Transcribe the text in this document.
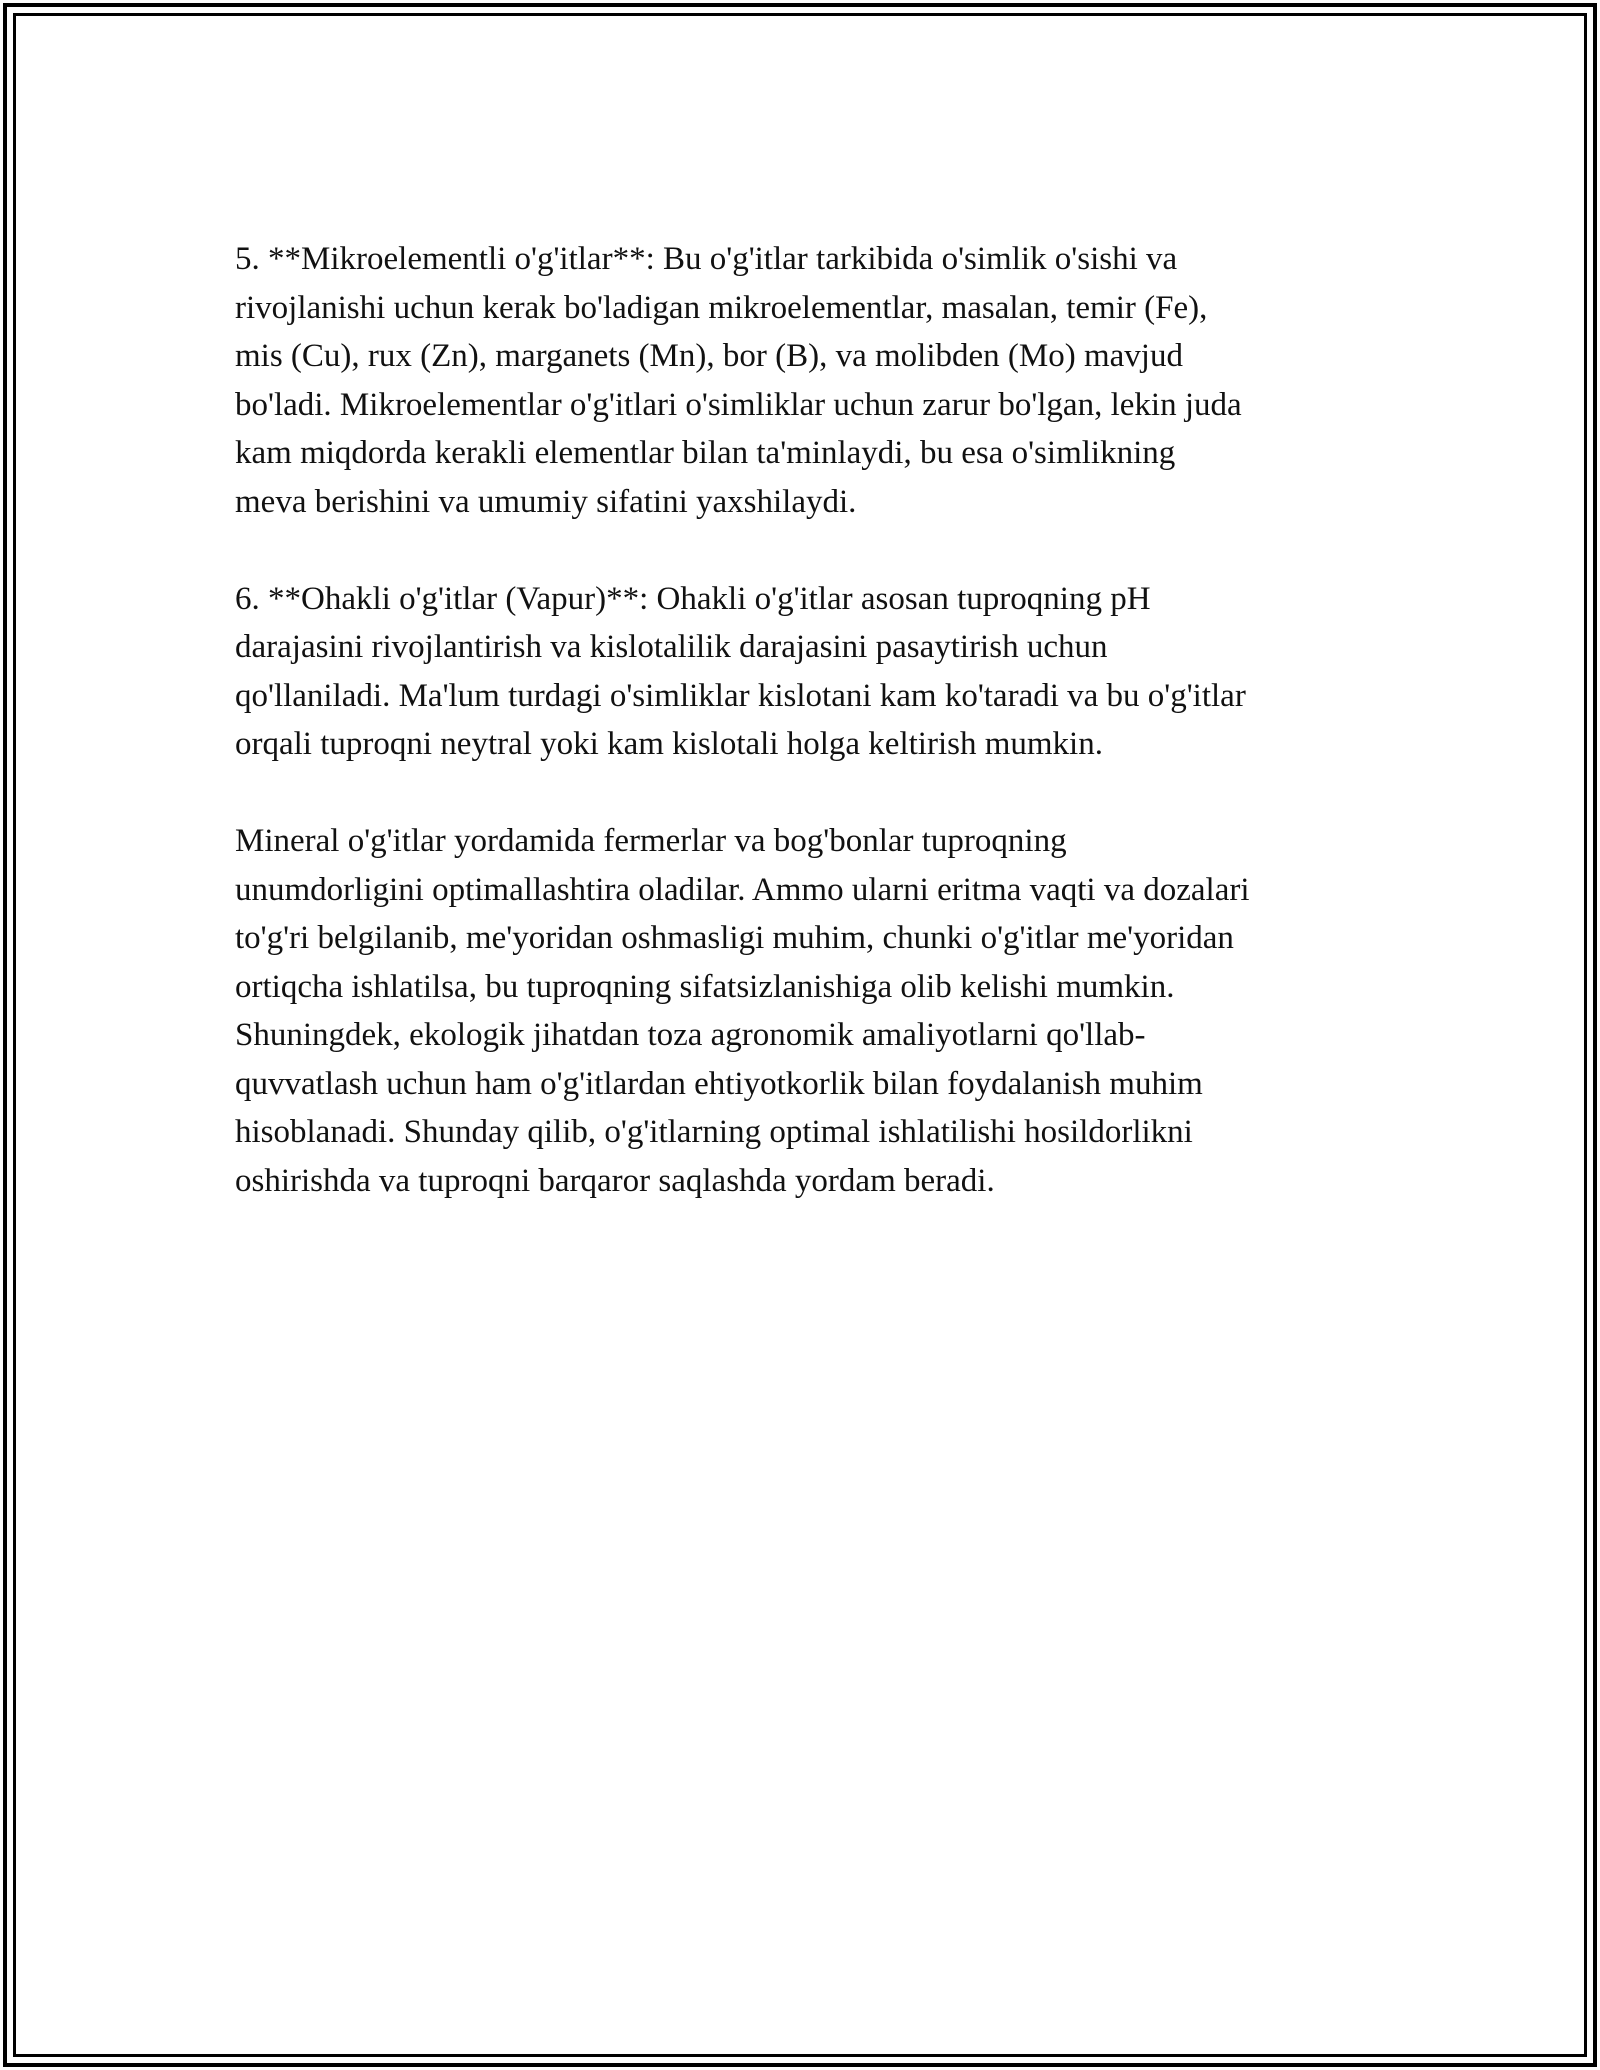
5. **Mikroelementli o'g'itlar**: Bu o'g'itlar tarkibida o'simlik o'sishi va
rivojlanishi uchun kerak bo'ladigan mikroelementlar, masalan, temir (Fe),
mis (Cu), rux (Zn), marganets (Mn), bor (B), va molibden (Mo) mavjud
bo'ladi. Mikroelementlar o'g'itlari o'simliklar uchun zarur bo'lgan, lekin juda
kam miqdorda kerakli elementlar bilan ta'minlaydi, bu esa o'simlikning
meva berishini va umumiy sifatini yaxshilaydi.

6. **Ohakli o'g'itlar (Vapur)**: Ohakli o'g'itlar asosan tuproqning pH
darajasini rivojlantirish va kislotalilik darajasini pasaytirish uchun
qo'llaniladi. Ma'lum turdagi o'simliklar kislotani kam ko'taradi va bu o'g'itlar
orqali tuproqni neytral yoki kam kislotali holga keltirish mumkin.

Mineral o'g'itlar yordamida fermerlar va bog'bonlar tuproqning
unumdorligini optimallashtira oladilar. Ammo ularni eritma vaqti va dozalari
to'g'ri belgilanib, me'yoridan oshmasligi muhim, chunki o'g'itlar me'yoridan
ortiqcha ishlatilsa, bu tuproqning sifatsizlanishiga olib kelishi mumkin.
Shuningdek, ekologik jihatdan toza agronomik amaliyotlarni qo'llab-
quvvatlash uchun ham o'g'itlardan ehtiyotkorlik bilan foydalanish muhim
hisoblanadi. Shunday qilib, o'g'itlarning optimal ishlatilishi hosildorlikni
oshirishda va tuproqni barqaror saqlashda yordam beradi.
